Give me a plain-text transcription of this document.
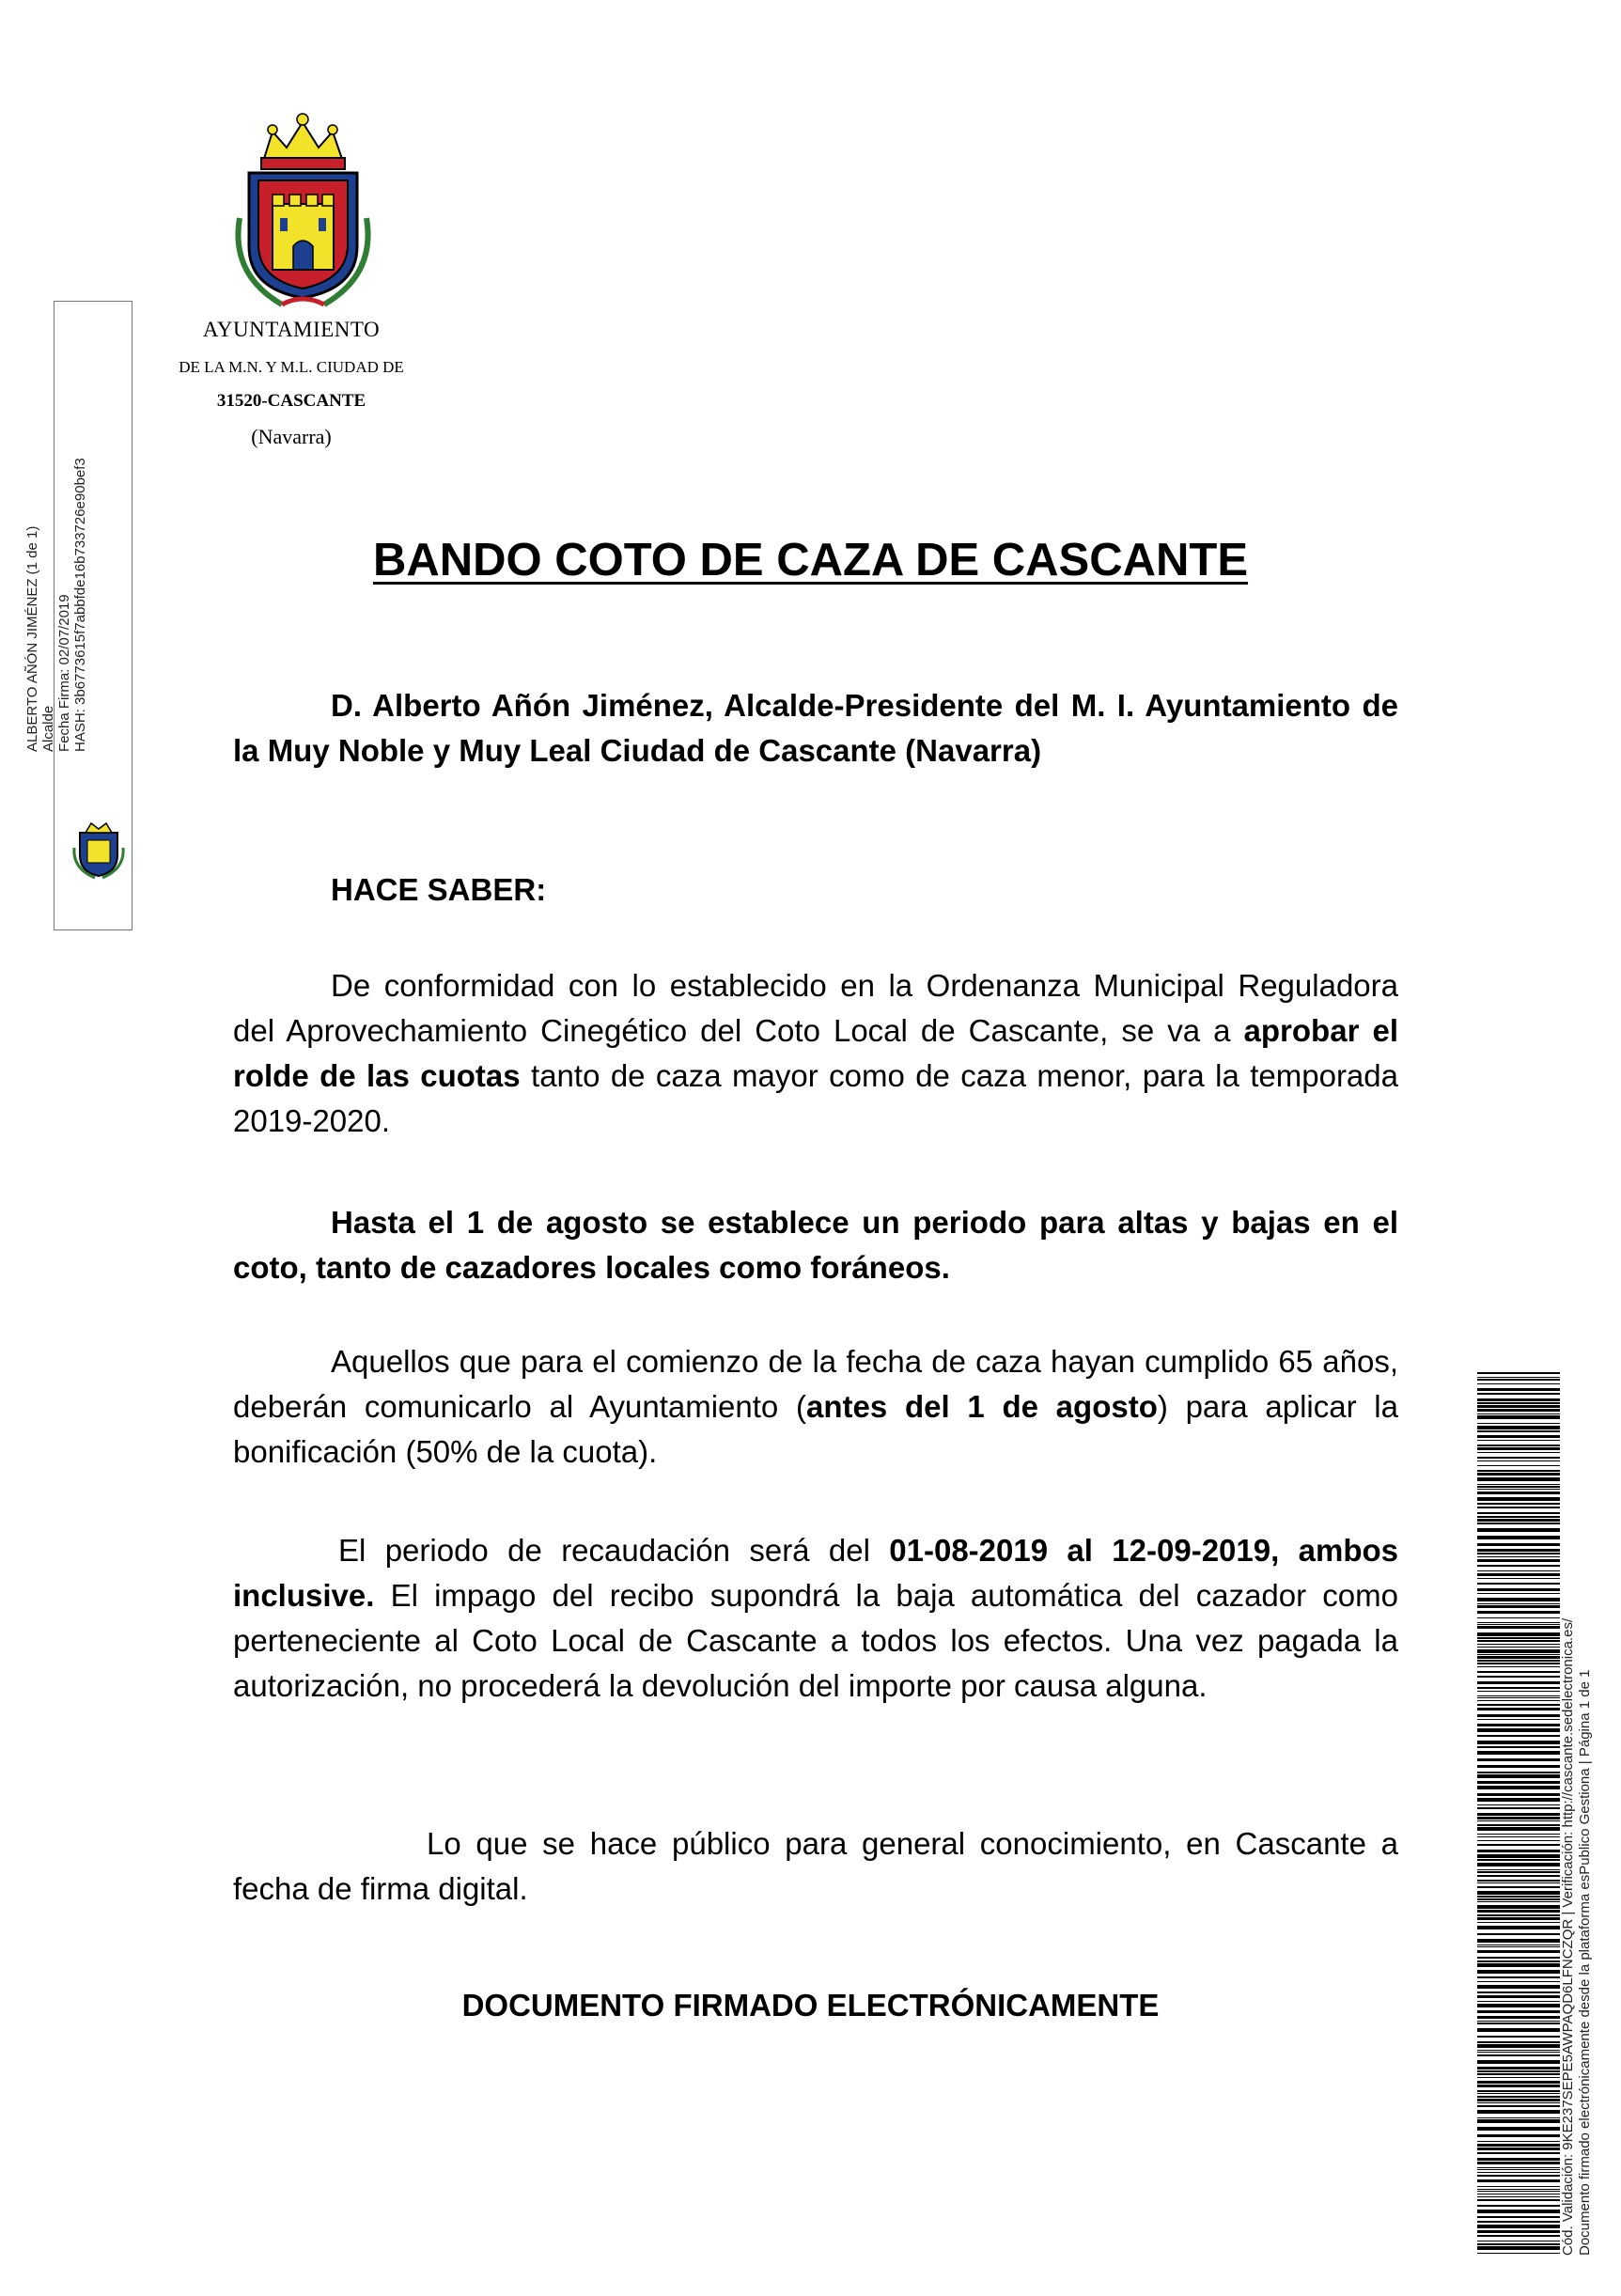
AYUNTAMIENTO
DE LA M.N. Y M.L. CIUDAD DE
31520-CASCANTE
(Navarra)
ALBERTO AÑÓN JIMÉNEZ (1 de 1) Alcalde Fecha Firma: 02/07/2019 HASH: 3b6773615f7abbfde16b733726e90bef3	BANDO COTO DE CAZA DE CASCANTE

D. Alberto Añón Jiménez, Alcalde-Presidente del M. I. Ayuntamiento de la Muy Noble y Muy Leal Ciudad de Cascante (Navarra)

HACE SABER:

De conformidad con lo establecido en la Ordenanza Municipal Reguladora del Aprovechamiento Cinegético del Coto Local de Cascante, se va a aprobar el rolde de las cuotas tanto de caza mayor como de caza menor, para la temporada 2019-2020.

Hasta el 1 de agosto se establece un periodo para altas y bajas en el coto, tanto de cazadores locales como foráneos.

Aquellos que para el comienzo de la fecha de caza hayan cumplido 65 años, deberán comunicarlo al Ayuntamiento (antes del 1 de agosto) para aplicar la bonificación (50% de la cuota).

El periodo de recaudación será del 01-08-2019 al 12-09-2019, ambos inclusive. El impago del recibo supondrá la baja automática del cazador como perteneciente al Coto Local de Cascante a todos los efectos. Una vez pagada la autorización, no procederá la devolución del importe por causa alguna.

Lo que se hace público para general conocimiento, en Cascante a fecha de firma digital.

DOCUMENTO FIRMADO ELECTRÓNICAMENTE	Cód. Validación: 9KE237SEPE5AWPAQD6LFNCZQR | Verificación: http://cascante.sedelectronica.es/ Documento firmado electrónicamente desde la plataforma esPublico Gestiona | Página 1 de 1
